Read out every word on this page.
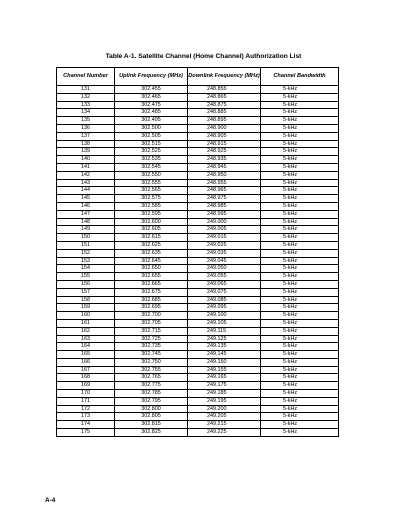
Table A-1. Satellite Channel (Home Channel) Authorization List
Channel Number	Uplink Frequency (MHz)	Downlink Frequency (MHz)	Channel Bandwidth
131	302.455	248.855	5-kHz
132	302.465	248.865	5-kHz
133	302.475	248.875	5-kHz
134	302.485	248.885	5-kHz
135	302.495	248.895	5-kHz
136	302.500	248.900	5-kHz
137	302.505	248.905	5-kHz
138	302.515	248.915	5-kHz
139	302.525	248.925	5-kHz
140	302.535	248.935	5-kHz
141	302.545	248.945	5-kHz
142	302.550	248.950	5-kHz
143	302.555	248.955	5-kHz
144	302.565	248.965	5-kHz
145	302.575	248.975	5-kHz
146	302.585	248.985	5-kHz
147	302.595	248.995	5-kHz
148	302.600	249.000	5-kHz
149	302.605	249.005	5-kHz
150	302.615	249.015	5-kHz
151	302.625	249.025	5-kHz
152	302.635	249.035	5-kHz
153	302.645	249.045	5-kHz
154	302.650	249.050	5-kHz
155	302.655	249.055	5-kHz
156	302.665	249.065	5-kHz
157	302.675	249.075	5-kHz
158	302.685	249.085	5-kHz
159	302.695	249.095	5-kHz
160	302.700	249.100	5-kHz
161	302.705	249.105	5-kHz
162	302.715	249.115	5-kHz
163	302.725	249.125	5-kHz
164	302.735	249.135	5-kHz
165	302.745	249.145	5-kHz
166	302.750	249.150	5-kHz
167	302.755	249.155	5-kHz
168	302.765	249.165	5-kHz
169	302.775	249.175	5-kHz
170	302.785	249.185	5-kHz
171	302.795	249.195	5-kHz
172	302.800	249.200	5-kHz
173	302.805	249.205	5-kHz
174	302.815	249.215	5-kHz
175	302.825	249.225	5-kHz
A-4
